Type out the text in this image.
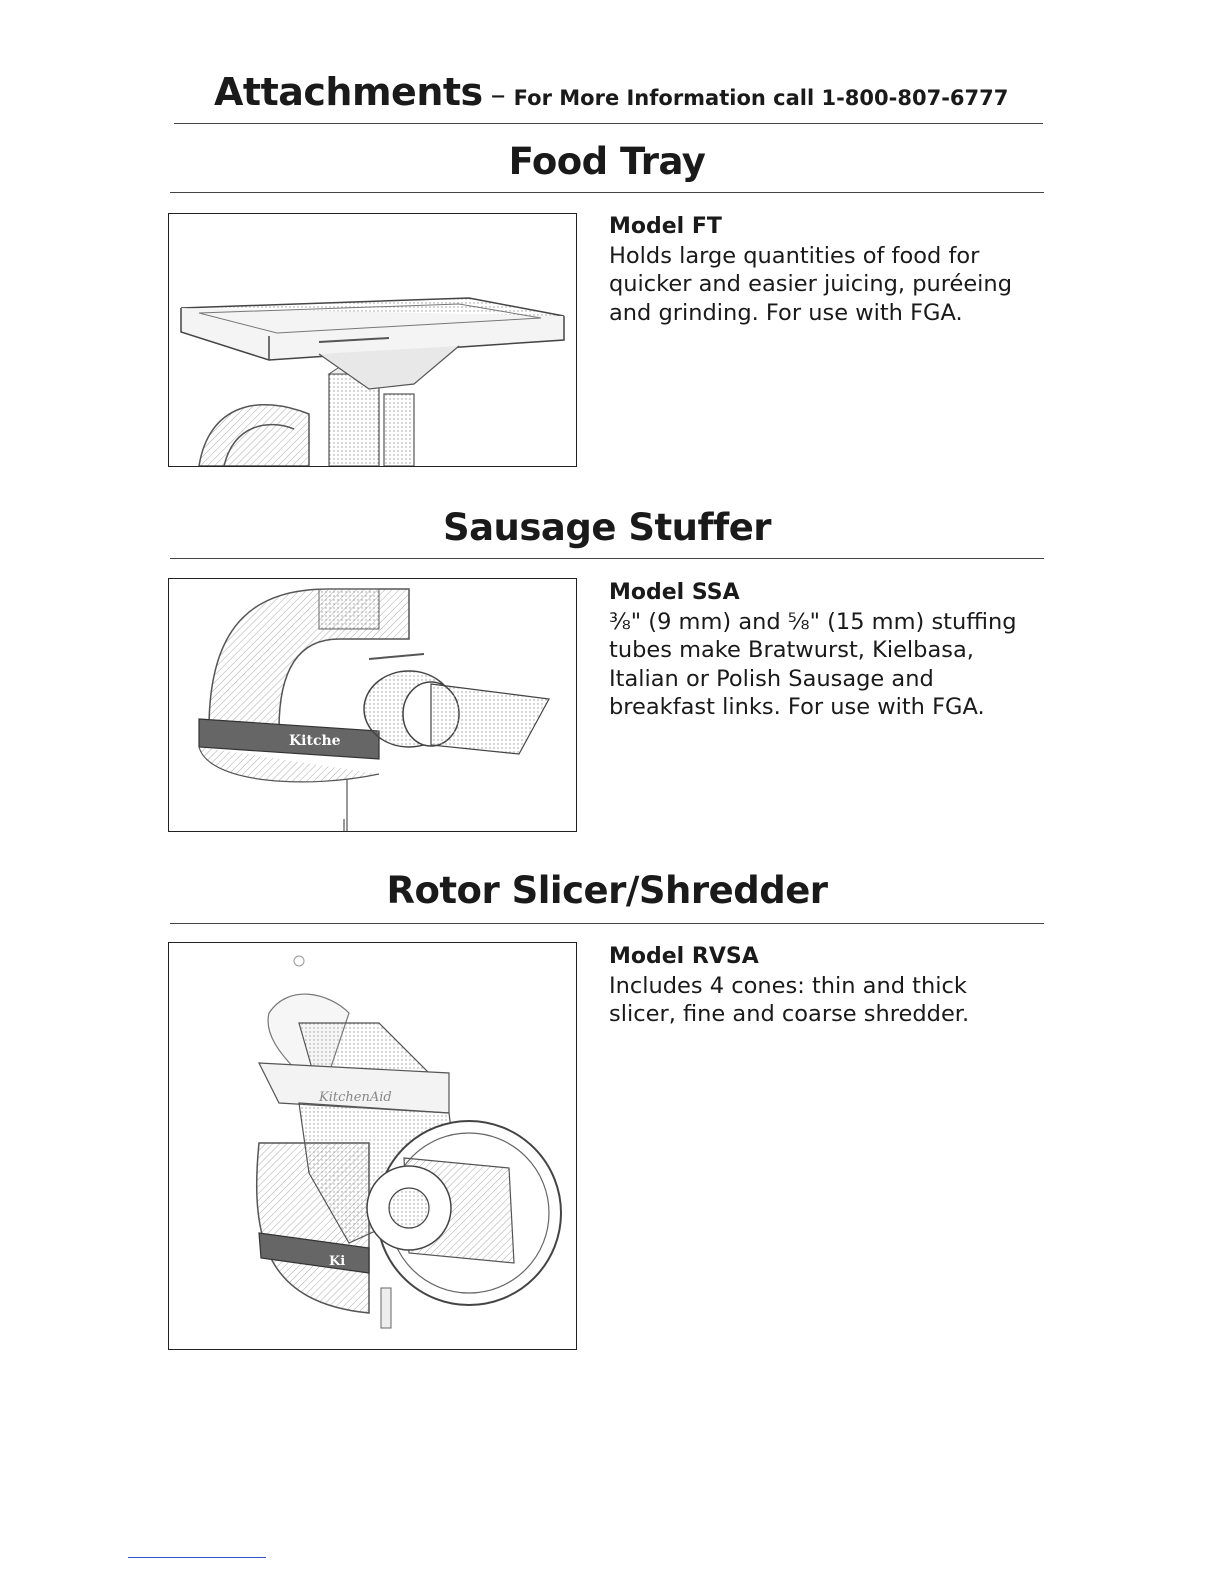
Attachments – For More Information call 1-800-807-6777
Food Tray
Model FT
Holds large quantities of food for
quicker and easier juicing, puréeing
and grinding. For use with FGA.
Sausage Stuffer
Kitche
Model SSA
⅜" (9 mm) and ⅝" (15 mm) stuffing
tubes make Bratwurst, Kielbasa,
Italian or Polish Sausage and
breakfast links. For use with FGA.
Rotor Slicer/Shredder
KitchenAid
Ki
Model RVSA
Includes 4 cones: thin and thick
slicer, fine and coarse shredder.
